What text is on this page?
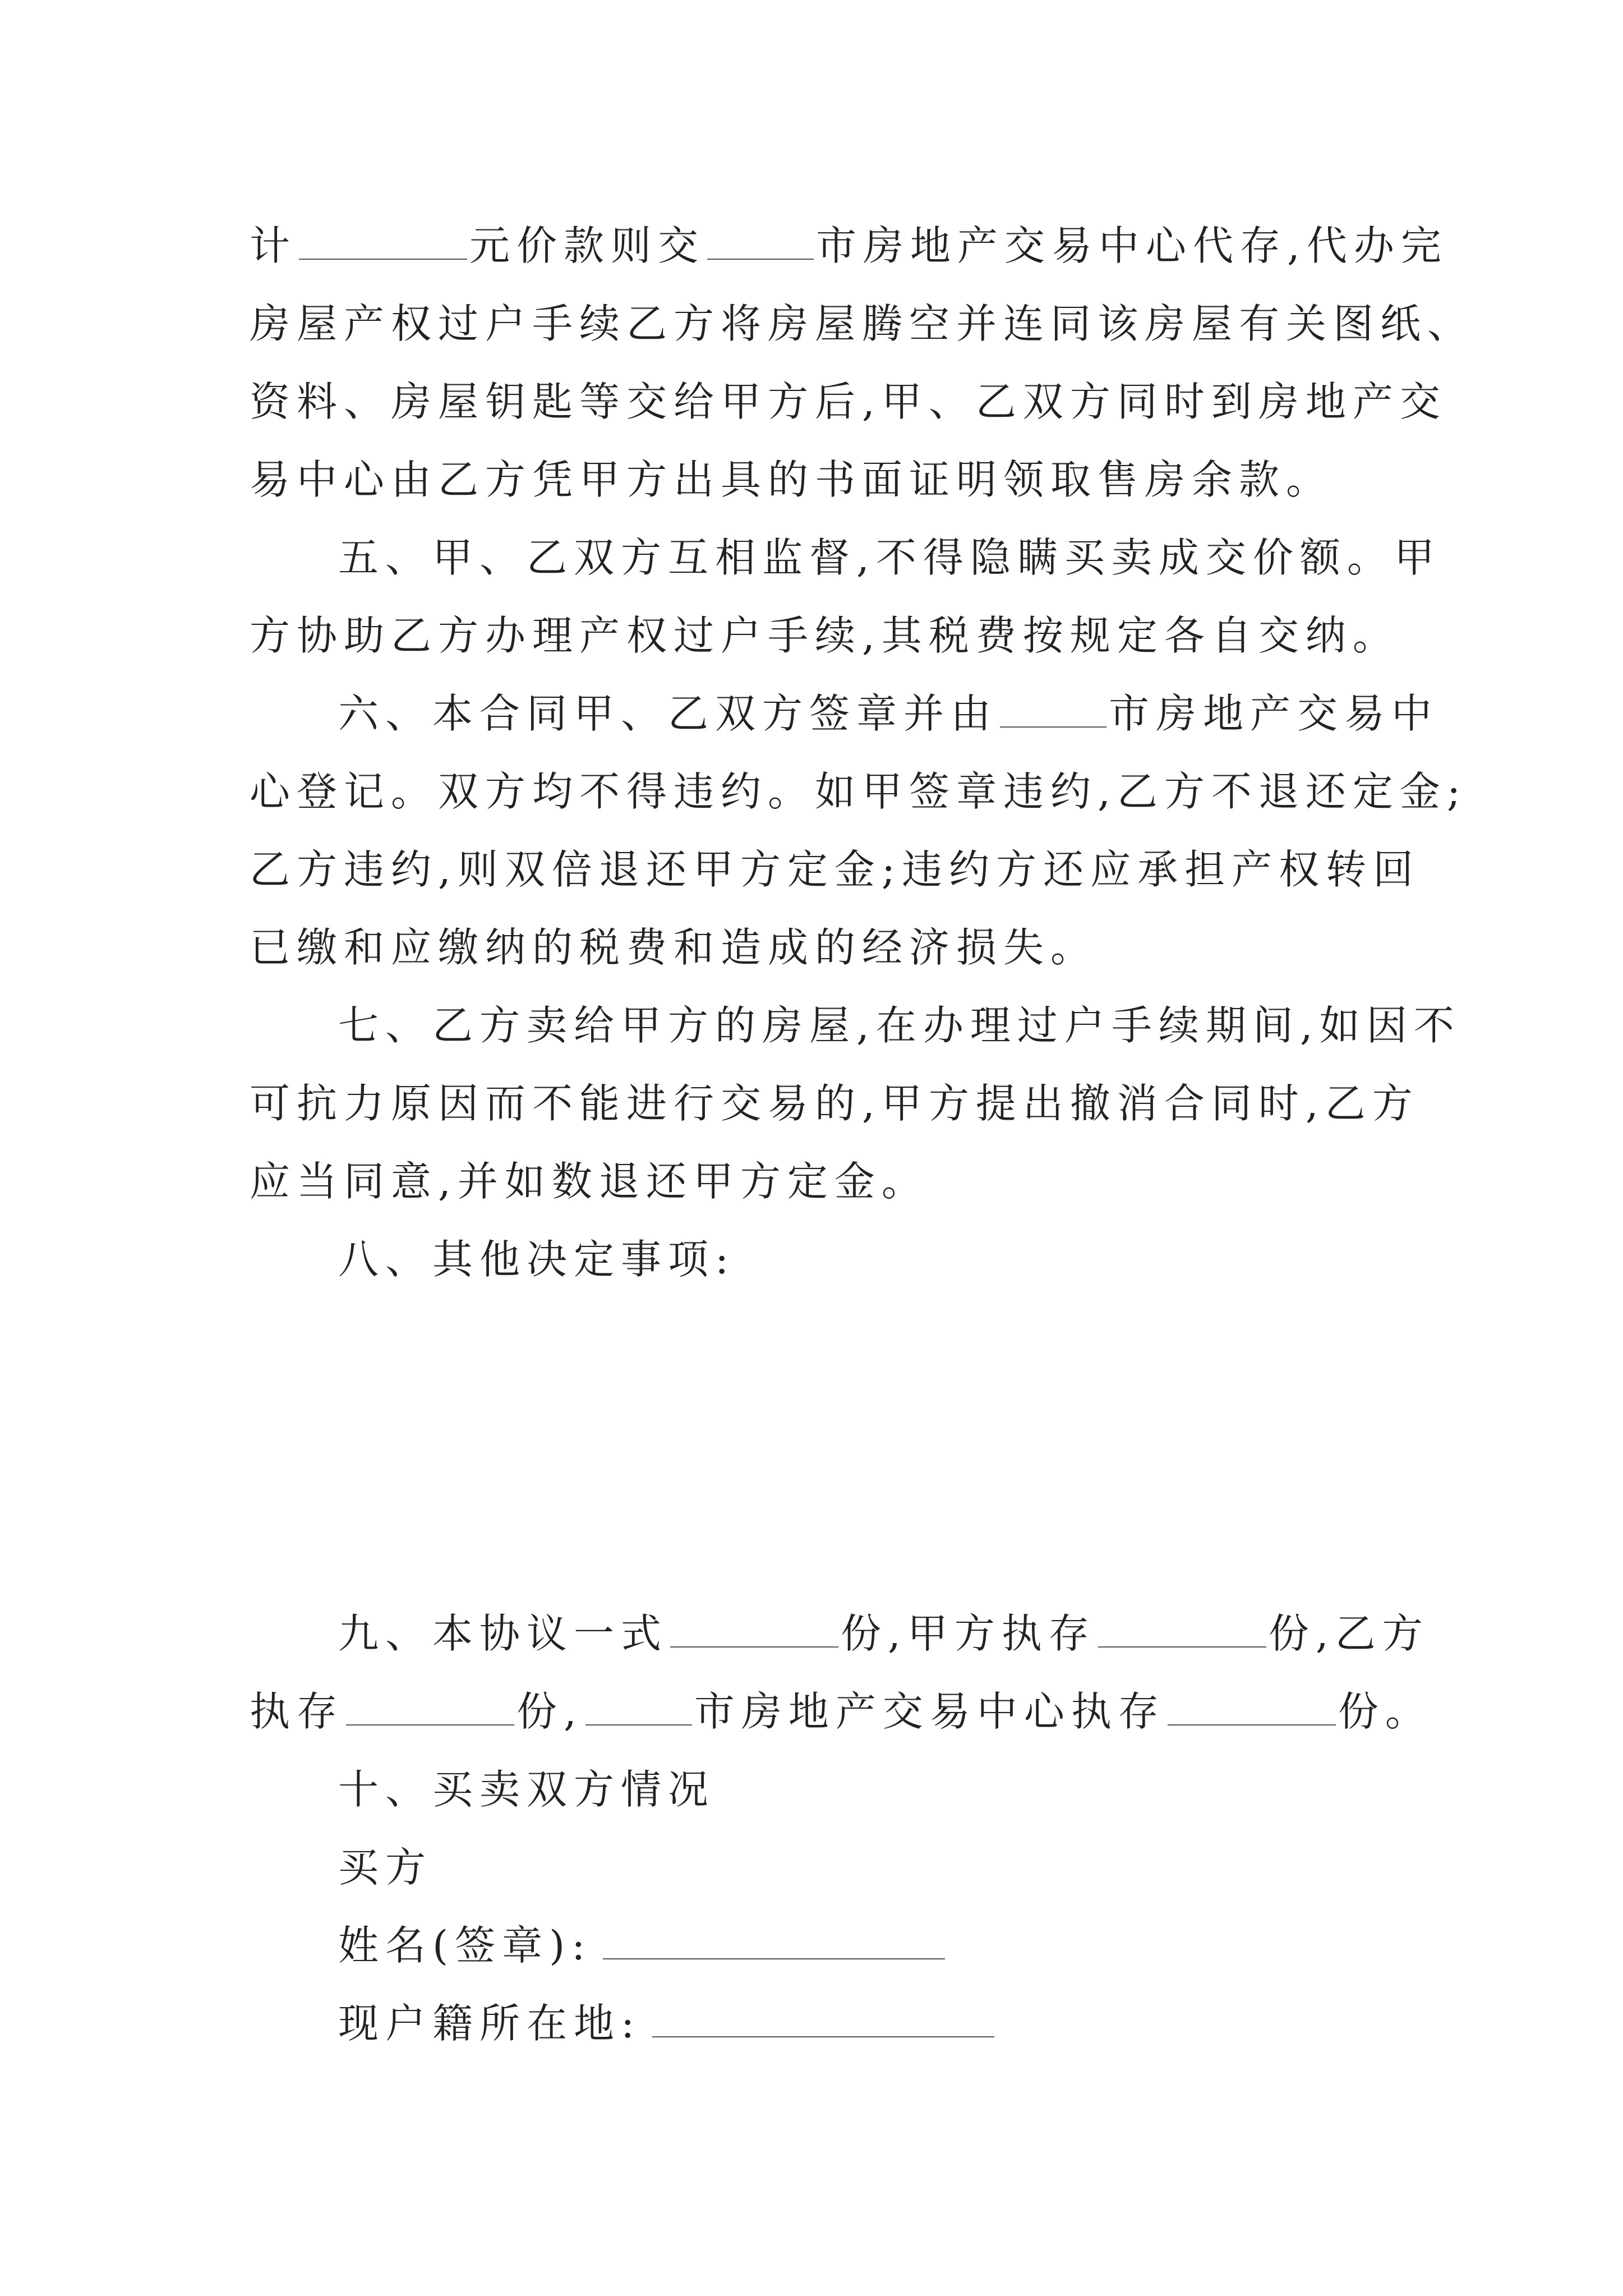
计	元价款则交	市房地产交易中心代存,代办完
房屋产权过户手续乙方将房屋腾空并连同该房屋有关图纸、
资料、房屋钥匙等交给甲方后,甲、乙双方同时到房地产交
易中心由乙方凭甲方出具的书面证明领取售房余款。
五、甲、乙双方互相监督,不得隐瞒买卖成交价额。甲
方协助乙方办理产权过户手续,其税费按规定各自交纳。
六、本合同甲、乙双方签章并由	市房地产交易中
心登记。双方均不得违约。如甲签章违约,乙方不退还定金;
乙方违约,则双倍退还甲方定金;违约方还应承担产权转回
已缴和应缴纳的税费和造成的经济损失。
七、乙方卖给甲方的房屋,在办理过户手续期间,如因不
可抗力原因而不能进行交易的,甲方提出撤消合同时,乙方
应当同意,并如数退还甲方定金。
八、其他决定事项:
九、本协议一式	份,甲方执存	份,乙方
执存	份,	市房地产交易中心执存	份。
十、买卖双方情况
买方
姓名(签章):
现户籍所在地:
